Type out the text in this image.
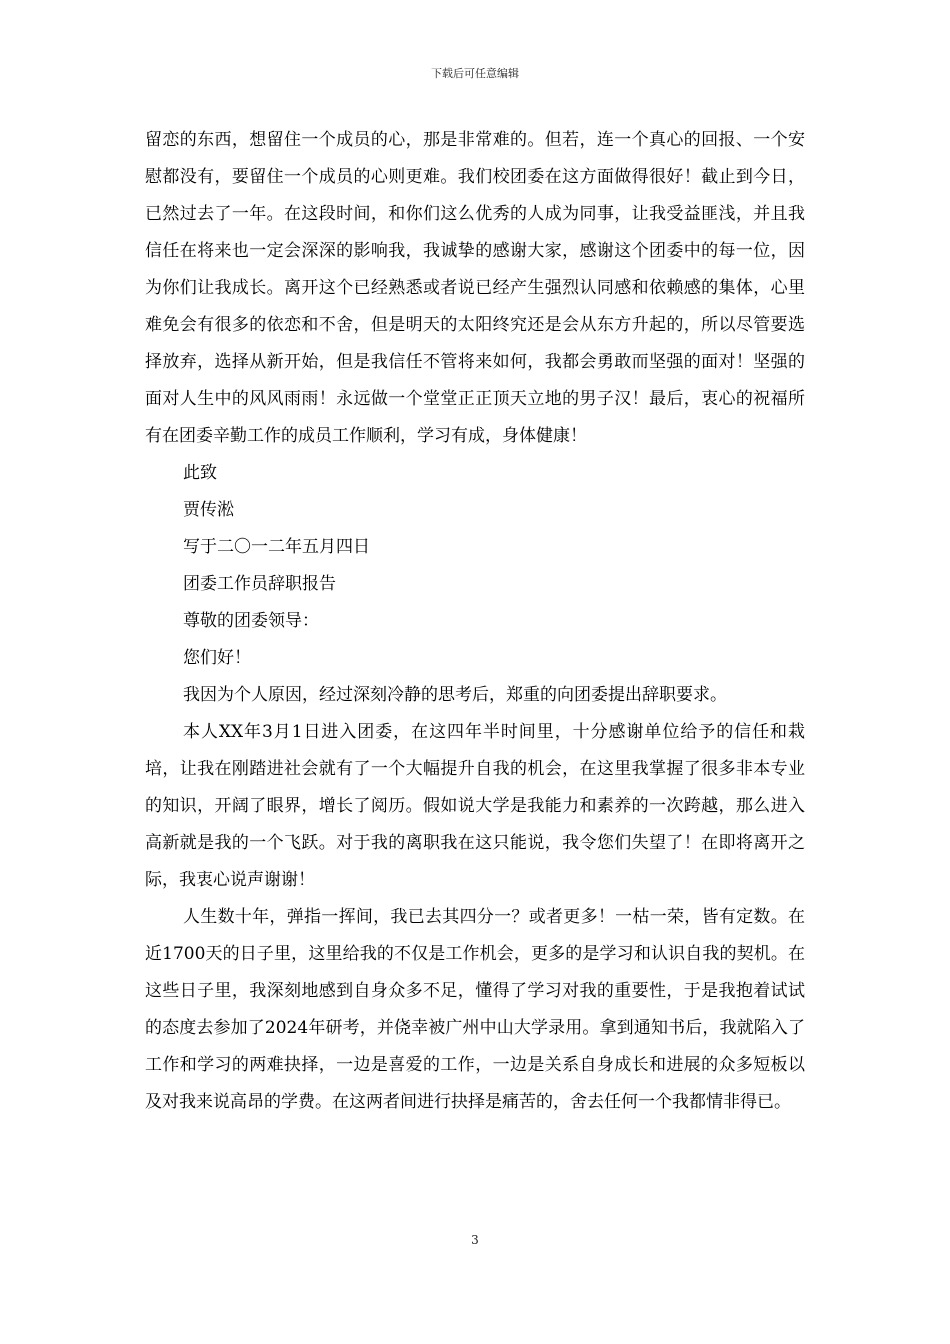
下载后可任意编辑

留恋的东西，想留住一个成员的心，那是非常难的。但若，连一个真心的回报、一个安慰都没有，要留住一个成员的心则更难。我们校团委在这方面做得很好！截止到今日，已然过去了一年。在这段时间，和你们这么优秀的人成为同事，让我受益匪浅，并且我信任在将来也一定会深深的影响我，我诚挚的感谢大家，感谢这个团委中的每一位，因为你们让我成长。离开这个已经熟悉或者说已经产生强烈认同感和依赖感的集体，心里难免会有很多的依恋和不舍，但是明天的太阳终究还是会从东方升起的，所以尽管要选择放弃，选择从新开始，但是我信任不管将来如何，我都会勇敢而坚强的面对！坚强的面对人生中的风风雨雨！永远做一个堂堂正正顶天立地的男子汉！最后，衷心的祝福所有在团委辛勤工作的成员工作顺利，学习有成，身体健康！

此致

贾传淞

写于二〇一二年五月四日

团委工作员辞职报告

尊敬的团委领导：

您们好！

我因为个人原因，经过深刻冷静的思考后，郑重的向团委提出辞职要求。

本人XX年3月1日进入团委，在这四年半时间里，十分感谢单位给予的信任和栽培，让我在刚踏进社会就有了一个大幅提升自我的机会，在这里我掌握了很多非本专业的知识，开阔了眼界，增长了阅历。假如说大学是我能力和素养的一次跨越，那么进入高新就是我的一个飞跃。对于我的离职我在这只能说，我令您们失望了！在即将离开之际，我衷心说声谢谢！

人生数十年，弹指一挥间，我已去其四分一？或者更多！一枯一荣，皆有定数。在近1700天的日子里，这里给我的不仅是工作机会，更多的是学习和认识自我的契机。在这些日子里，我深刻地感到自身众多不足，懂得了学习对我的重要性，于是我抱着试试的态度去参加了2024年研考，并侥幸被广州中山大学录用。拿到通知书后，我就陷入了工作和学习的两难抉择，一边是喜爱的工作，一边是关系自身成长和进展的众多短板以及对我来说高昂的学费。在这两者间进行抉择是痛苦的，舍去任何一个我都情非得已。

3
